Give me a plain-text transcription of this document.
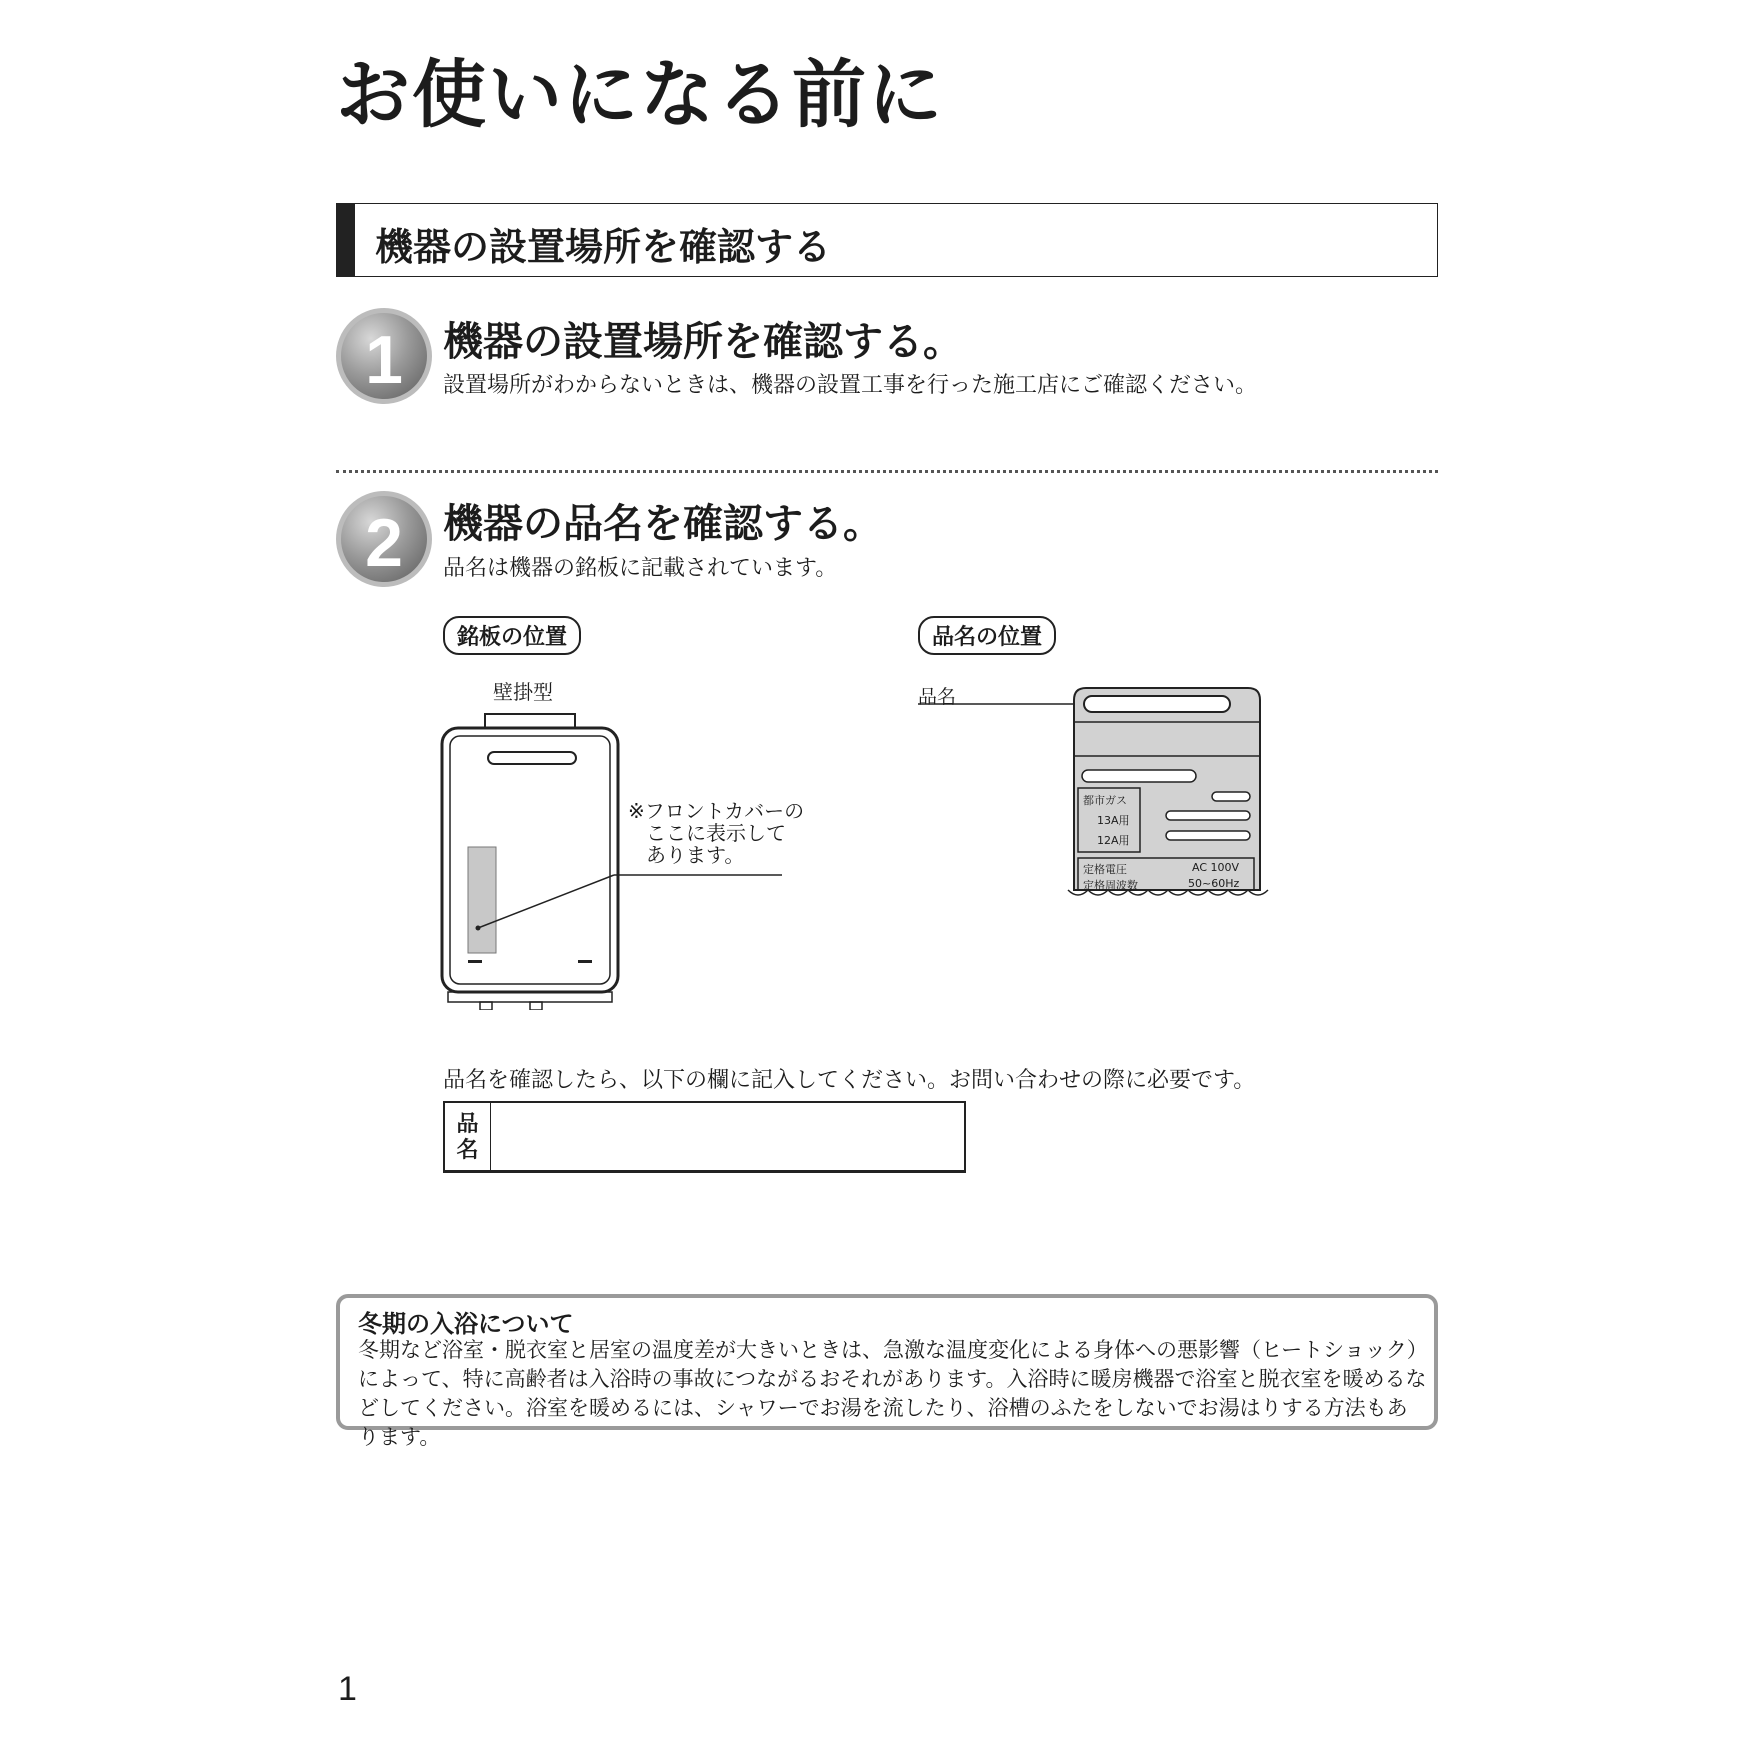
お使いになる前に
機器の設置場所を確認する
1	機器の設置場所を確認する。
設置場所がわからないときは、機器の設置工事を行った施工店にご確認ください。
2	機器の品名を確認する。
品名は機器の銘板に記載されています。
銘板の位置
壁掛型
※フロントカバーの
ここに表示して
あります。
品名の位置
品名
都市ガス
13A用
12A用
定格電圧	AC 100V
定格周波数	50~60Hz
品名を確認したら、以下の欄に記入してください。お問い合わせの際に必要です。
品
名
冬期の入浴について
冬期など浴室・脱衣室と居室の温度差が大きいときは、急激な温度変化による身体への悪影響（ヒートショック）によって、特に高齢者は入浴時の事故につながるおそれがあります。入浴時に暖房機器で浴室と脱衣室を暖めるなどしてください。浴室を暖めるには、シャワーでお湯を流したり、浴槽のふたをしないでお湯はりする方法もあります。
1
